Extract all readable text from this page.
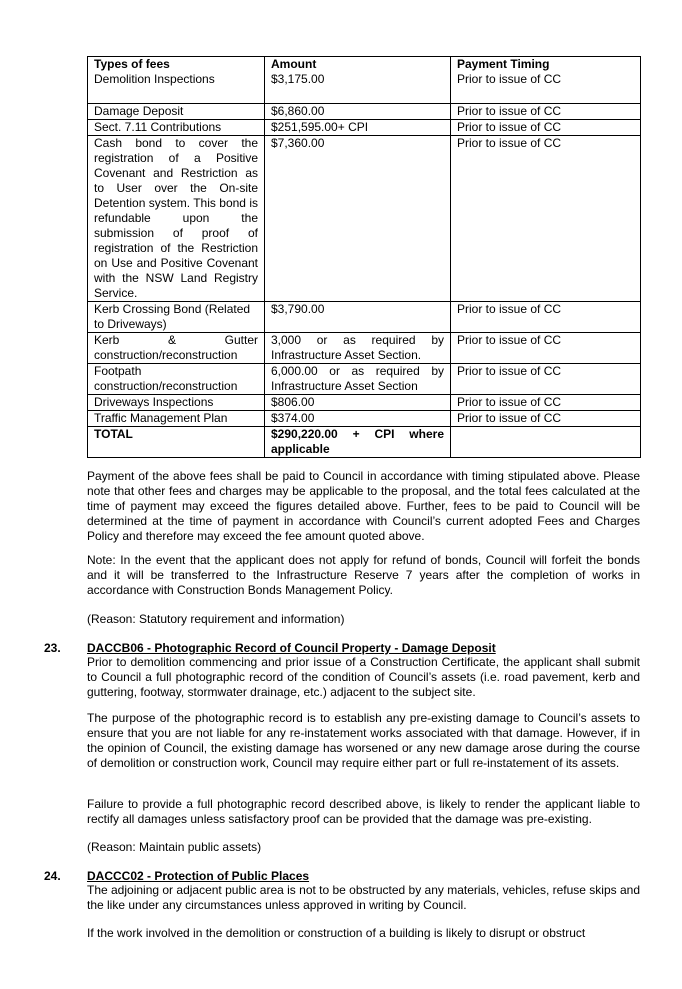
Types of fees	Amount	Payment Timing
Demolition Inspections	$3,175.00	Prior to issue of CC
Damage Deposit	$6,860.00	Prior to issue of CC
Sect. 7.11 Contributions	$251,595.00+ CPI	Prior to issue of CC
Cash bond to cover the registration of a Positive Covenant and Restriction as to User over the On-site Detention system. This bond is refundable upon the submission of proof of registration of the Restriction on Use and Positive Covenant with the NSW Land Registry Service.	$7,360.00	Prior to issue of CC
Kerb Crossing Bond (Related to Driveways)	$3,790.00	Prior to issue of CC
Kerb & Gutter construction/reconstruction	3,000 or as required by Infrastructure Asset Section.	Prior to issue of CC
Footpath construction/reconstruction	6,000.00 or as required by Infrastructure Asset Section	Prior to issue of CC
Driveways Inspections	$806.00	Prior to issue of CC
Traffic Management Plan	$374.00	Prior to issue of CC
TOTAL	$290,220.00 + CPI where applicable	

Payment of the above fees shall be paid to Council in accordance with timing stipulated above. Please note that other fees and charges may be applicable to the proposal, and the total fees calculated at the time of payment may exceed the figures detailed above. Further, fees to be paid to Council will be determined at the time of payment in accordance with Council’s current adopted Fees and Charges Policy and therefore may exceed the fee amount quoted above.

Note: In the event that the applicant does not apply for refund of bonds, Council will forfeit the bonds and it will be transferred to the Infrastructure Reserve 7 years after the completion of works in accordance with Construction Bonds Management Policy.

(Reason: Statutory requirement and information)

23. DACCB06 - Photographic Record of Council Property - Damage Deposit

Prior to demolition commencing and prior issue of a Construction Certificate, the applicant shall submit to Council a full photographic record of the condition of Council’s assets (i.e. road pavement, kerb and guttering, footway, stormwater drainage, etc.) adjacent to the subject site.

The purpose of the photographic record is to establish any pre-existing damage to Council’s assets to ensure that you are not liable for any re-instatement works associated with that damage. However, if in the opinion of Council, the existing damage has worsened or any new damage arose during the course of demolition or construction work, Council may require either part or full re-instatement of its assets.

Failure to provide a full photographic record described above, is likely to render the applicant liable to rectify all damages unless satisfactory proof can be provided that the damage was pre-existing.

(Reason: Maintain public assets)

24. DACCC02 - Protection of Public Places

The adjoining or adjacent public area is not to be obstructed by any materials, vehicles, refuse skips and the like under any circumstances unless approved in writing by Council.

If the work involved in the demolition or construction of a building is likely to disrupt or obstruct
